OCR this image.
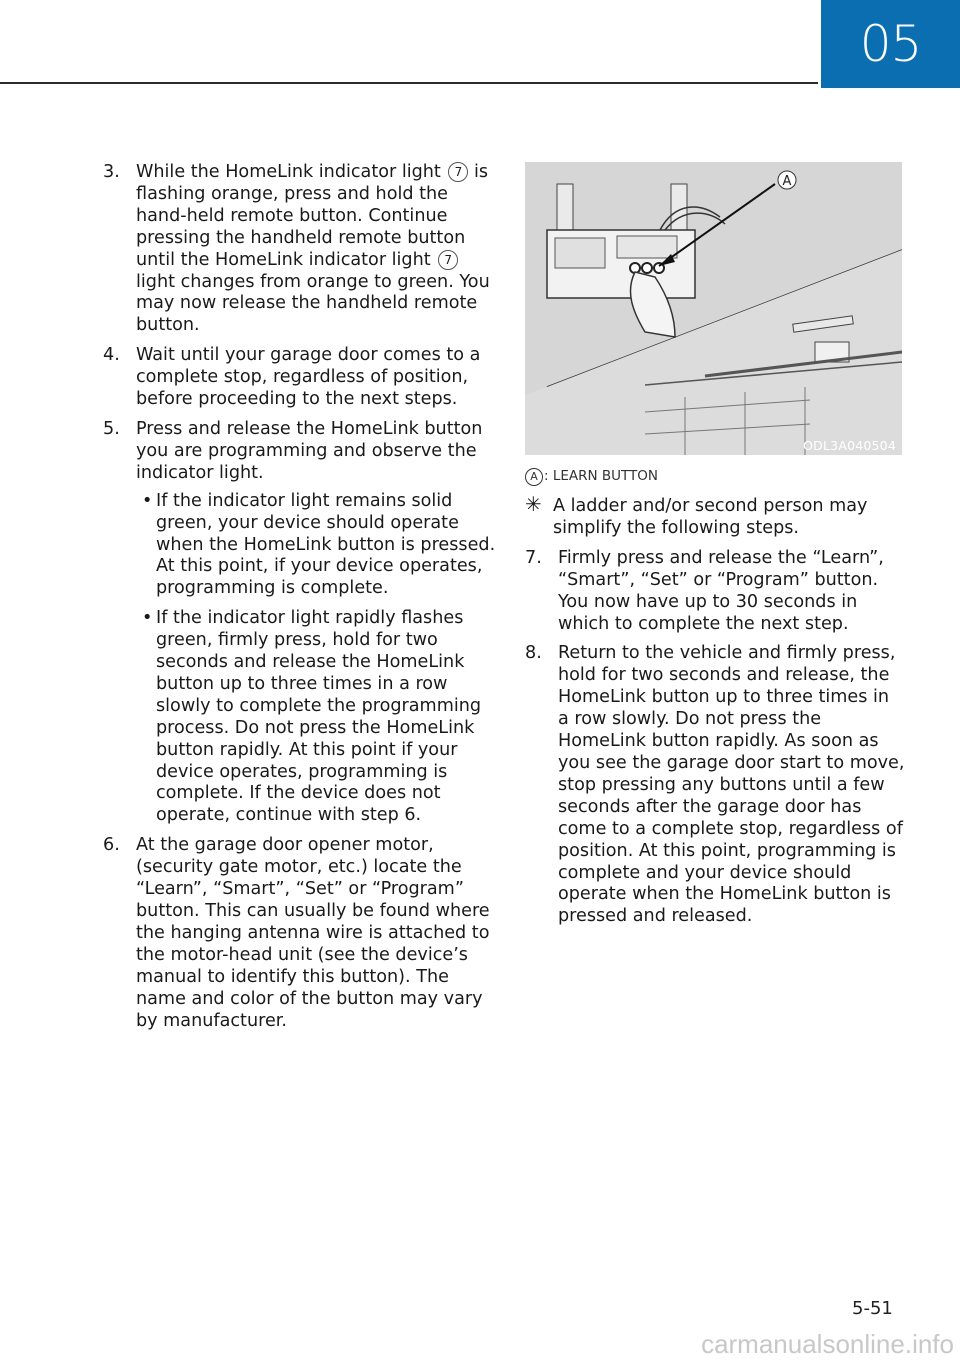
05
3. While the HomeLink indicator light 7 is flashing orange, press and hold the hand-held remote button. Continue pressing the handheld remote button until the HomeLink indicator light 7 light changes from orange to green. You may now release the handheld remote button.
4. Wait until your garage door comes to a complete stop, regardless of position, before proceeding to the next steps.
5. Press and release the HomeLink button you are programming and observe the indicator light.
• If the indicator light remains solid green, your device should operate when the HomeLink button is pressed. At this point, if your device operates, programming is complete.
• If the indicator light rapidly flashes green, firmly press, hold for two seconds and release the HomeLink button up to three times in a row slowly to complete the programming process. Do not press the HomeLink button rapidly. At this point if your device operates, programming is complete. If the device does not operate, continue with step 6.
6. At the garage door opener motor, (security gate motor, etc.) locate the “Learn”, “Smart”, “Set” or “Program” button. This can usually be found where the hanging antenna wire is attached to the motor-head unit (see the device’s manual to identify this button). The name and color of the button may vary by manufacturer.
A
ODL3A040504
A : LEARN BUTTON
✳ A ladder and/or second person may simplify the following steps.
7. Firmly press and release the “Learn”, “Smart”, “Set” or “Program” button. You now have up to 30 seconds in which to complete the next step.
8. Return to the vehicle and firmly press, hold for two seconds and release, the HomeLink button up to three times in a row slowly. Do not press the HomeLink button rapidly. As soon as you see the garage door start to move, stop pressing any buttons until a few seconds after the garage door has come to a complete stop, regardless of position. At this point, programming is complete and your device should operate when the HomeLink button is pressed and released.
5-51
carmanualsonline.info
